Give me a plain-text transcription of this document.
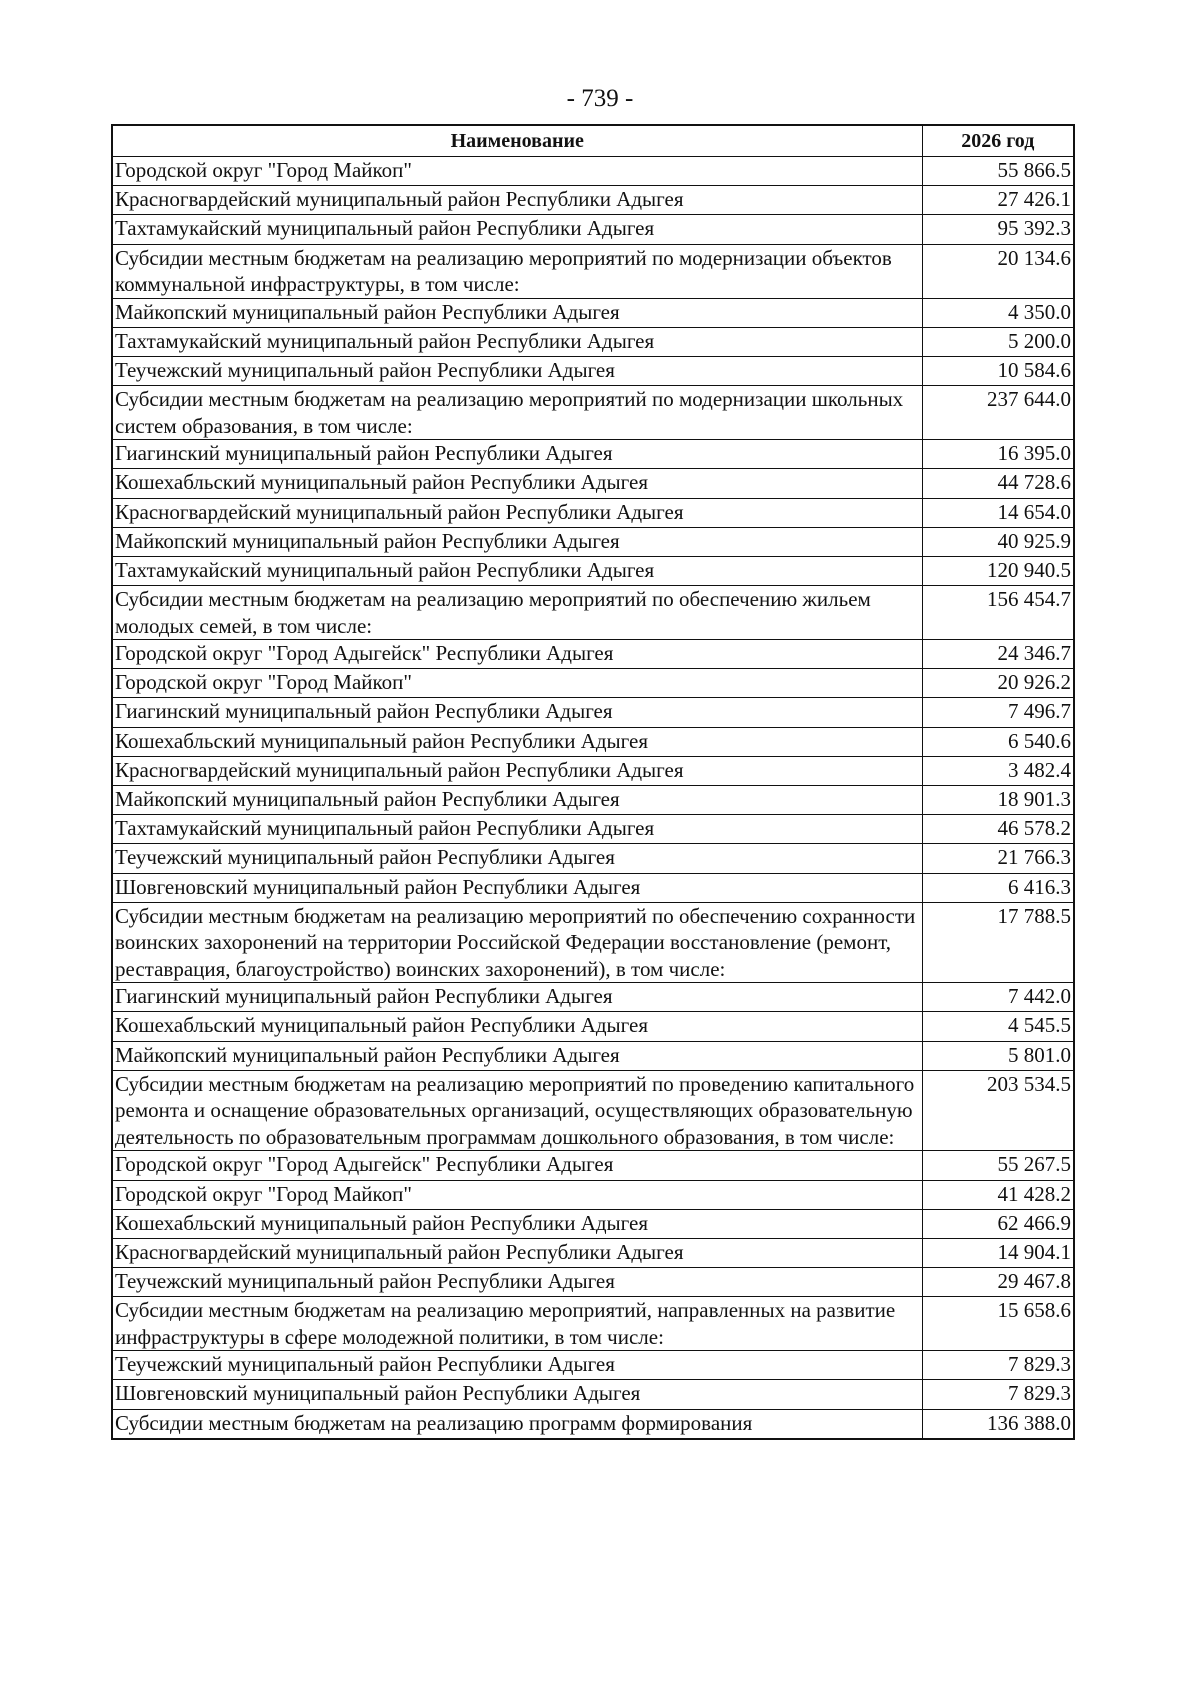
- 739 -
Наименование	2026 год
Городской округ "Город Майкоп"	55 866.5
Красногвардейский муниципальный район Республики Адыгея	27 426.1
Тахтамукайский муниципальный район Республики Адыгея	95 392.3
Субсидии местным бюджетам на реализацию мероприятий по модернизации объектов коммунальной инфраструктуры, в том числе:	20 134.6
Майкопский муниципальный район Республики Адыгея	4 350.0
Тахтамукайский муниципальный район Республики Адыгея	5 200.0
Теучежский муниципальный район Республики Адыгея	10 584.6
Субсидии местным бюджетам на реализацию мероприятий по модернизации школьных систем образования, в том числе:	237 644.0
Гиагинский муниципальный район Республики Адыгея	16 395.0
Кошехабльский муниципальный район Республики Адыгея	44 728.6
Красногвардейский муниципальный район Республики Адыгея	14 654.0
Майкопский муниципальный район Республики Адыгея	40 925.9
Тахтамукайский муниципальный район Республики Адыгея	120 940.5
Субсидии местным бюджетам на реализацию мероприятий по обеспечению жильем молодых семей, в том числе:	156 454.7
Городской округ "Город Адыгейск" Республики Адыгея	24 346.7
Городской округ "Город Майкоп"	20 926.2
Гиагинский муниципальный район Республики Адыгея	7 496.7
Кошехабльский муниципальный район Республики Адыгея	6 540.6
Красногвардейский муниципальный район Республики Адыгея	3 482.4
Майкопский муниципальный район Республики Адыгея	18 901.3
Тахтамукайский муниципальный район Республики Адыгея	46 578.2
Теучежский муниципальный район Республики Адыгея	21 766.3
Шовгеновский муниципальный район Республики Адыгея	6 416.3
Субсидии местным бюджетам на реализацию мероприятий по обеспечению сохранности воинских захоронений на территории Российской Федерации восстановление (ремонт, реставрация, благоустройство) воинских захоронений), в том числе:	17 788.5
Гиагинский муниципальный район Республики Адыгея	7 442.0
Кошехабльский муниципальный район Республики Адыгея	4 545.5
Майкопский муниципальный район Республики Адыгея	5 801.0
Субсидии местным бюджетам на реализацию мероприятий по проведению капитального ремонта и оснащение образовательных организаций, осуществляющих образовательную деятельность по образовательным программам дошкольного образования, в том числе:	203 534.5
Городской округ "Город Адыгейск" Республики Адыгея	55 267.5
Городской округ "Город Майкоп"	41 428.2
Кошехабльский муниципальный район Республики Адыгея	62 466.9
Красногвардейский муниципальный район Республики Адыгея	14 904.1
Теучежский муниципальный район Республики Адыгея	29 467.8
Субсидии местным бюджетам на реализацию мероприятий, направленных на развитие инфраструктуры в сфере молодежной политики, в том числе:	15 658.6
Теучежский муниципальный район Республики Адыгея	7 829.3
Шовгеновский муниципальный район Республики Адыгея	7 829.3
Субсидии местным бюджетам на реализацию программ формирования	136 388.0
